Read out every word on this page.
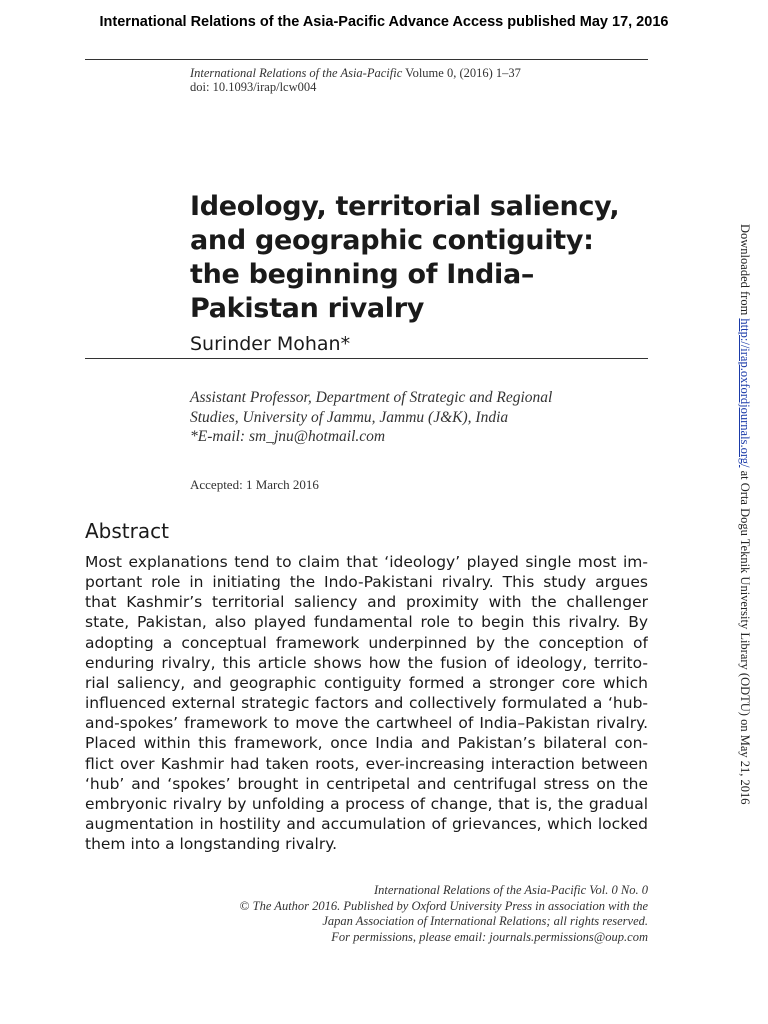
International Relations of the Asia-Pacific Advance Access published May 17, 2016
International Relations of the Asia-Pacific Volume 0, (2016) 1–37
doi: 10.1093/irap/lcw004
Ideology, territorial saliency,
and geographic contiguity:
the beginning of India–
Pakistan rivalry
Surinder Mohan*
Assistant Professor, Department of Strategic and Regional
Studies, University of Jammu, Jammu (J&K), India
*E-mail: sm_jnu@hotmail.com
Accepted: 1 March 2016
Abstract
Most explanations tend to claim that ‘ideology’ played single most im-
portant role in initiating the Indo-Pakistani rivalry. This study argues
that Kashmir’s territorial saliency and proximity with the challenger
state, Pakistan, also played fundamental role to begin this rivalry. By
adopting a conceptual framework underpinned by the conception of
enduring rivalry, this article shows how the fusion of ideology, territo-
rial saliency, and geographic contiguity formed a stronger core which
influenced external strategic factors and collectively formulated a ‘hub-
and-spokes’ framework to move the cartwheel of India–Pakistan rivalry.
Placed within this framework, once India and Pakistan’s bilateral con-
flict over Kashmir had taken roots, ever-increasing interaction between
‘hub’ and ‘spokes’ brought in centripetal and centrifugal stress on the
embryonic rivalry by unfolding a process of change, that is, the gradual
augmentation in hostility and accumulation of grievances, which locked
them into a longstanding rivalry.
International Relations of the Asia-Pacific Vol. 0 No. 0
© The Author 2016. Published by Oxford University Press in association with the
Japan Association of International Relations; all rights reserved.
For permissions, please email: journals.permissions@oup.com
Downloaded from http://irap.oxfordjournals.org/ at Orta Dogu Teknik University Library (ODTU) on May 21, 2016
